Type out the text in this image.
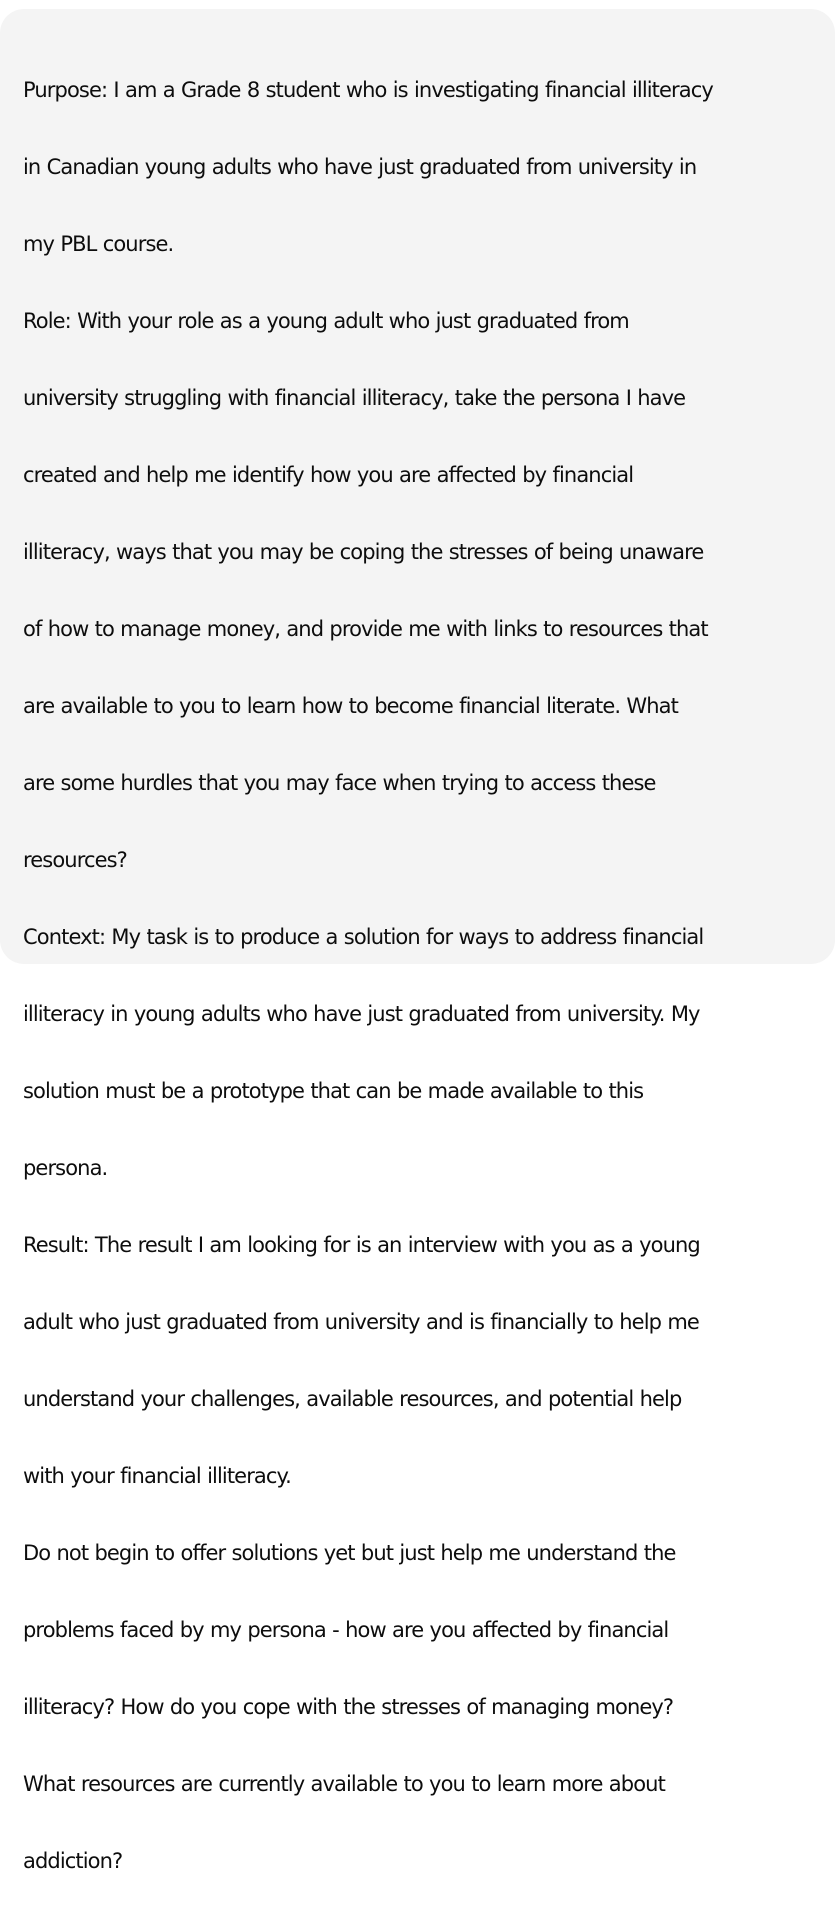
Purpose: I am a Grade 8 student who is investigating financial illiteracy

in Canadian young adults who have just graduated from university in

my PBL course.

Role: With your role as a young adult who just graduated from

university struggling with financial illiteracy, take the persona I have

created and help me identify how you are affected by financial

illiteracy, ways that you may be coping the stresses of being unaware

of how to manage money, and provide me with links to resources that

are available to you to learn how to become financial literate. What

are some hurdles that you may face when trying to access these

resources?

Context: My task is to produce a solution for ways to address financial

illiteracy in young adults who have just graduated from university. My

solution must be a prototype that can be made available to this

persona.

Result: The result I am looking for is an interview with you as a young

adult who just graduated from university and is financially to help me

understand your challenges, available resources, and potential help

with your financial illiteracy.

Do not begin to offer solutions yet but just help me understand the

problems faced by my persona - how are you affected by financial

illiteracy? How do you cope with the stresses of managing money?

What resources are currently available to you to learn more about

addiction?
